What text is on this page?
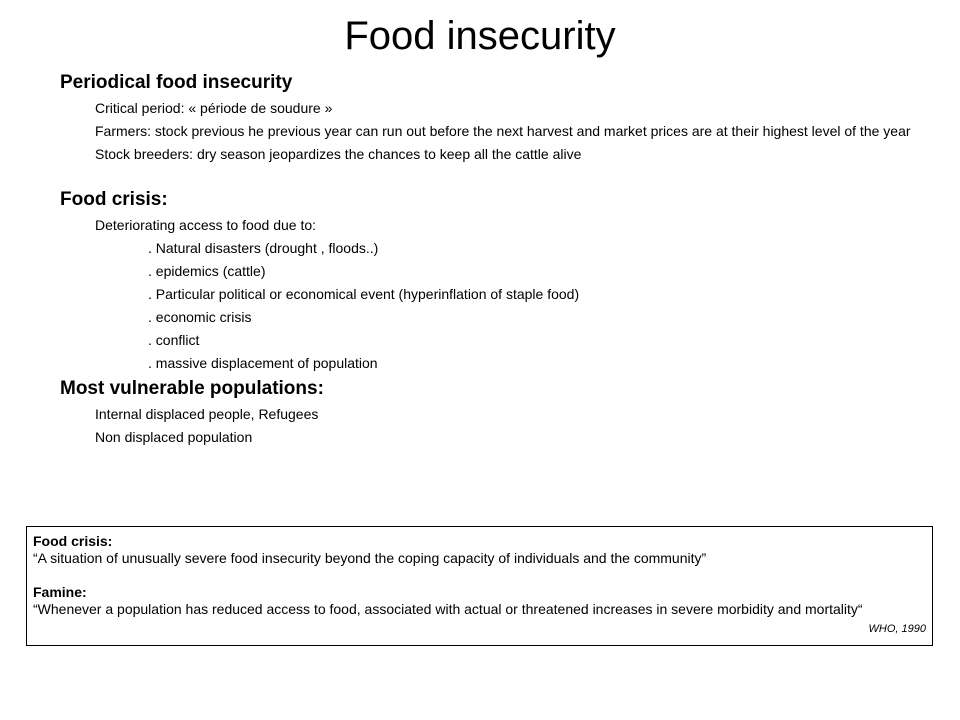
Food insecurity
Periodical food insecurity
Critical period: « période de soudure »
Farmers: stock previous he previous year can run out before the next harvest and market prices are at their highest level of the year
Stock breeders: dry season jeopardizes the chances to keep all the cattle alive
Food crisis:
Deteriorating access to food due to:
. Natural disasters (drought , floods..)
. epidemics (cattle)
. Particular political or economical event (hyperinflation of staple food)
. economic crisis
. conflict
. massive displacement of population
Most vulnerable populations:
Internal displaced people, Refugees
Non displaced population
Food crisis:
“A situation of unusually severe food insecurity beyond the coping capacity of individuals and the community”
Famine:
“Whenever a population has reduced access to food, associated with actual or threatened increases in severe morbidity and mortality“
WHO, 1990
